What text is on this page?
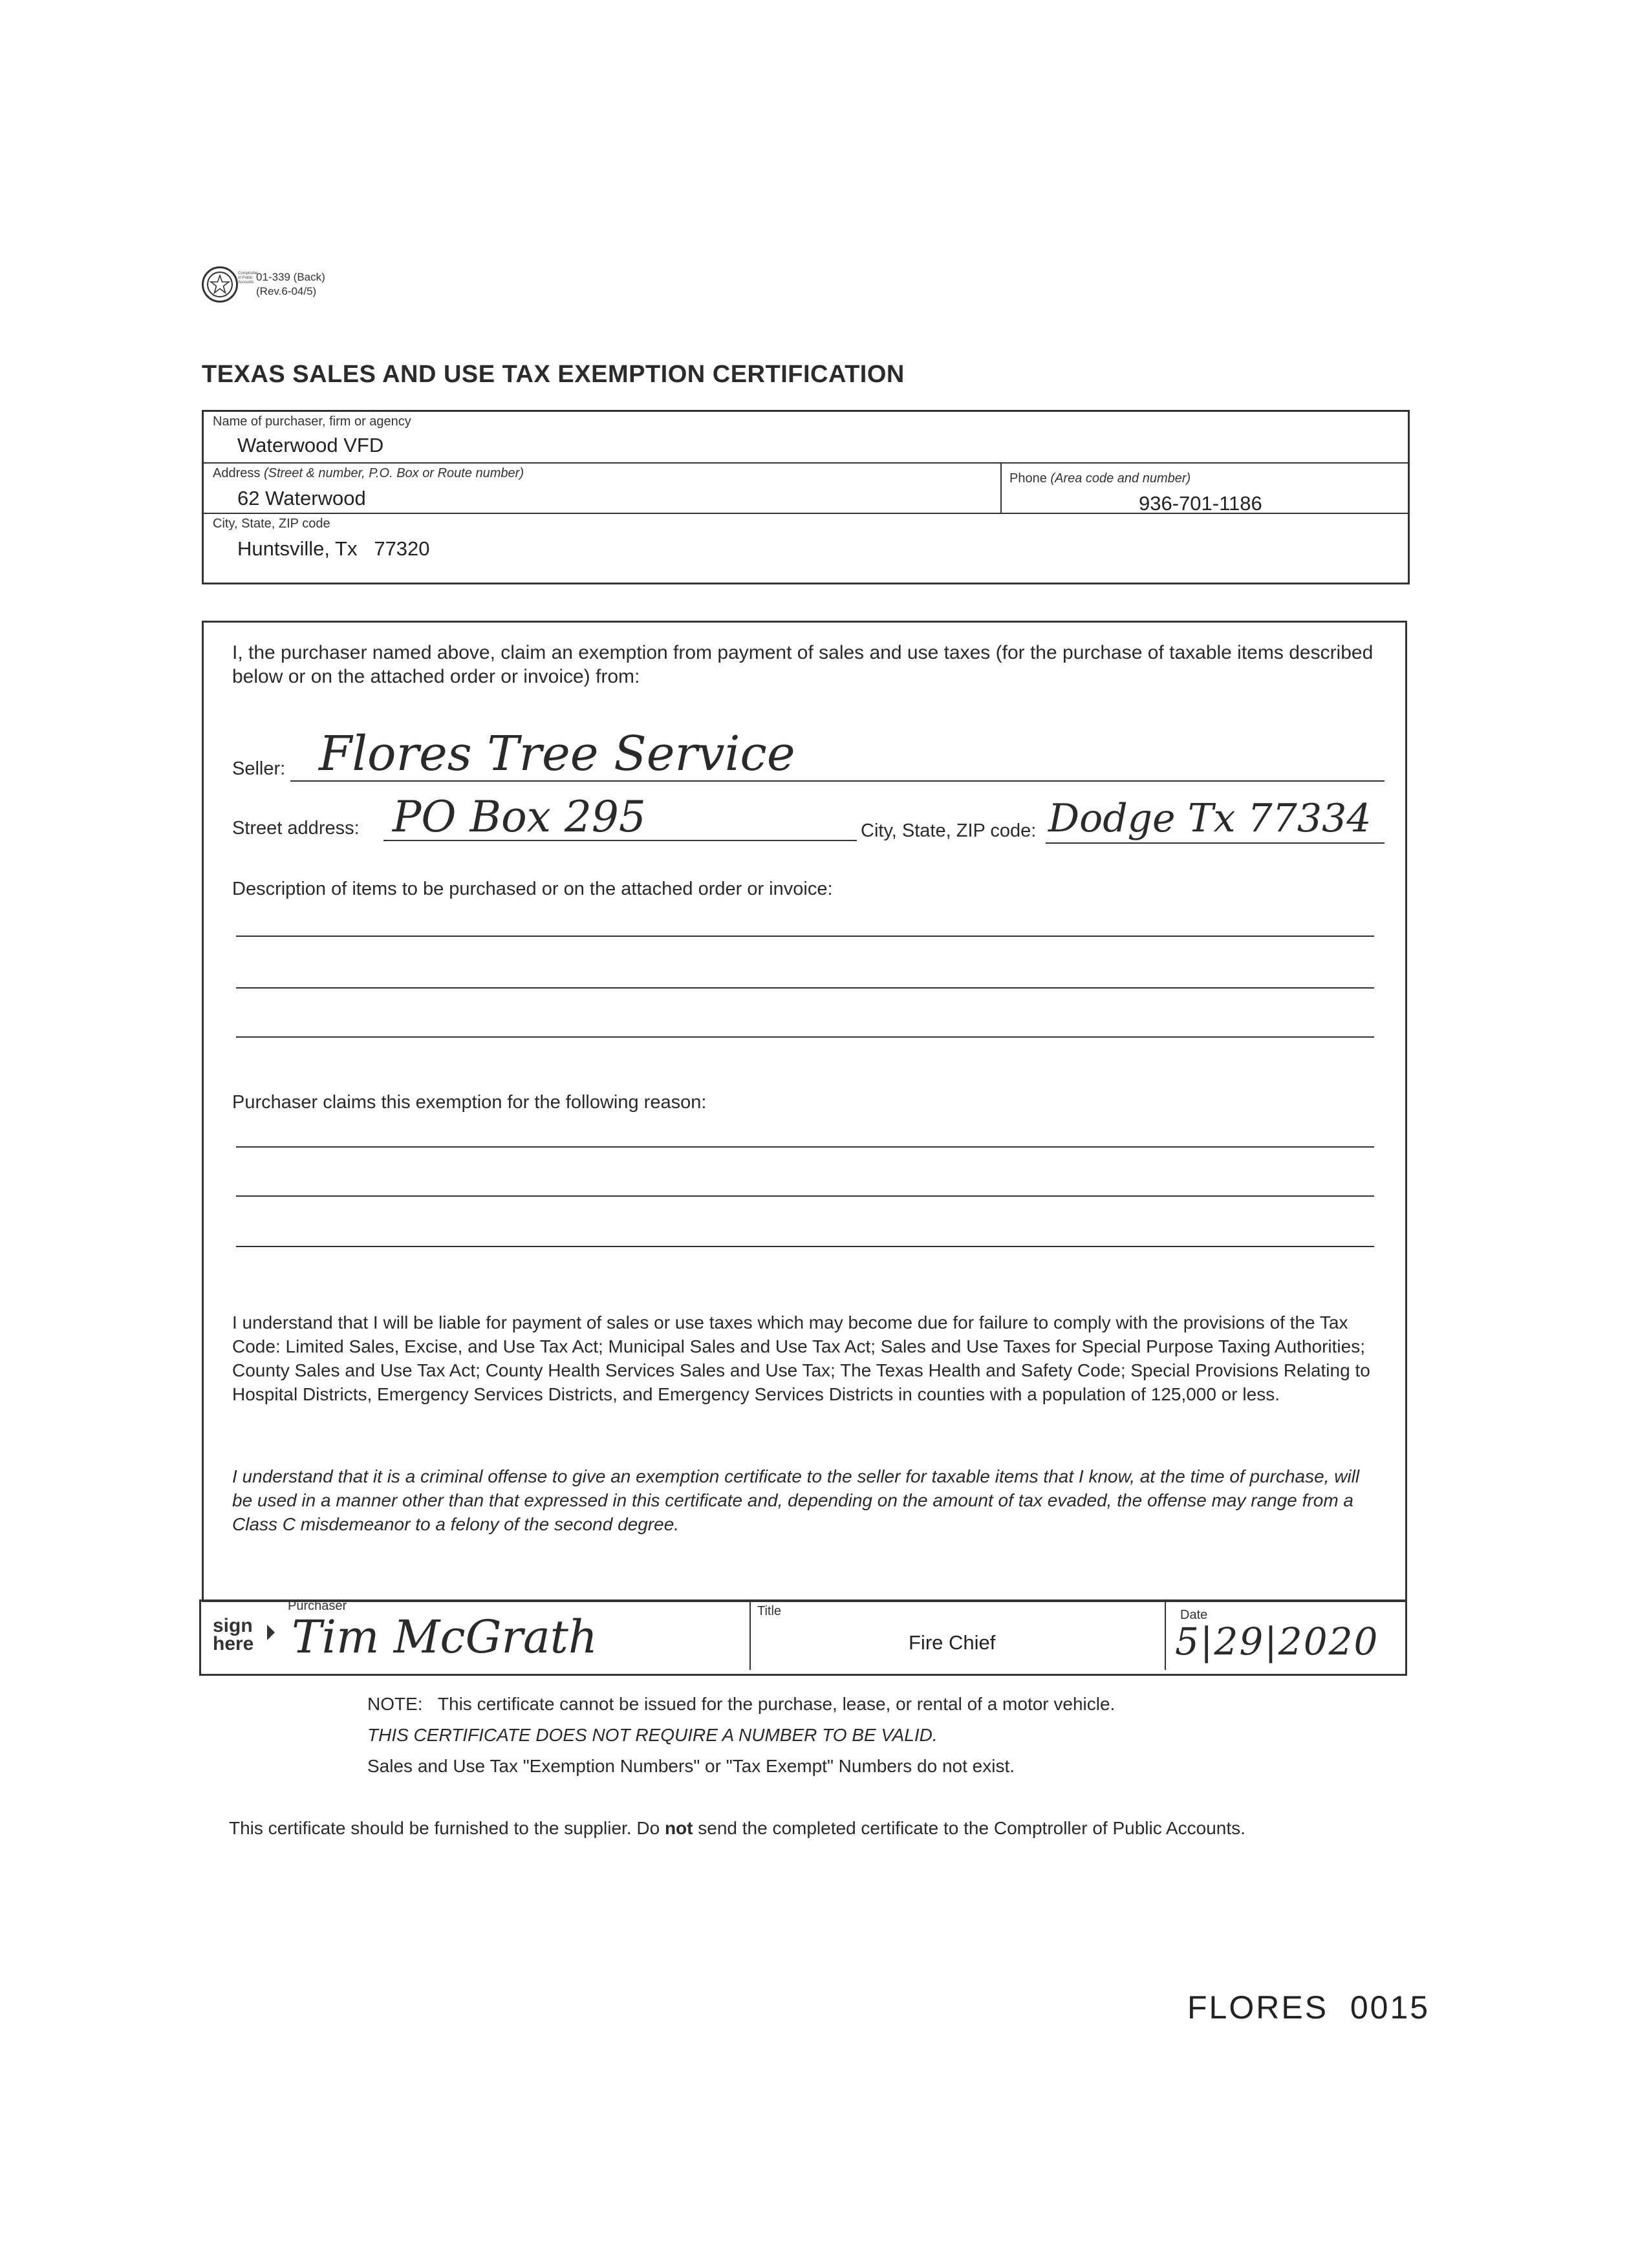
Comptroller of Public Accounts 01-339 (Back)
(Rev.6-04/5)
TEXAS SALES AND USE TAX EXEMPTION CERTIFICATION
Name of purchaser, firm or agency
Waterwood VFD
Address (Street & number, P.O. Box or Route number)
62 Waterwood
Phone (Area code and number)
936-701-1186
City, State, ZIP code
Huntsville, Tx   77320
I, the purchaser named above, claim an exemption from payment of sales and use taxes (for the purchase of taxable items described below or on the attached order or invoice) from:
Seller: Flores Tree Service
Street address: PO Box 295	City, State, ZIP code: Dodge Tx 77334
Description of items to be purchased or on the attached order or invoice:
Purchaser claims this exemption for the following reason:
I understand that I will be liable for payment of sales or use taxes which may become due for failure to comply with the provisions of the Tax Code: Limited Sales, Excise, and Use Tax Act; Municipal Sales and Use Tax Act; Sales and Use Taxes for Special Purpose Taxing Authorities; County Sales and Use Tax Act; County Health Services Sales and Use Tax; The Texas Health and Safety Code; Special Provisions Relating to Hospital Districts, Emergency Services Districts, and Emergency Services Districts in counties with a population of 125,000 or less.
I understand that it is a criminal offense to give an exemption certificate to the seller for taxable items that I know, at the time of purchase, will be used in a manner other than that expressed in this certificate and, depending on the amount of tax evaded, the offense may range from a Class C misdemeanor to a felony of the second degree.
sign
here
Purchaser
Tim McGrath	Title
Fire Chief
Date
5|29|2020
NOTE: This certificate cannot be issued for the purchase, lease, or rental of a motor vehicle.
THIS CERTIFICATE DOES NOT REQUIRE A NUMBER TO BE VALID.
Sales and Use Tax "Exemption Numbers" or "Tax Exempt" Numbers do not exist.
This certificate should be furnished to the supplier. Do not send the completed certificate to the Comptroller of Public Accounts.
FLORES  0015
